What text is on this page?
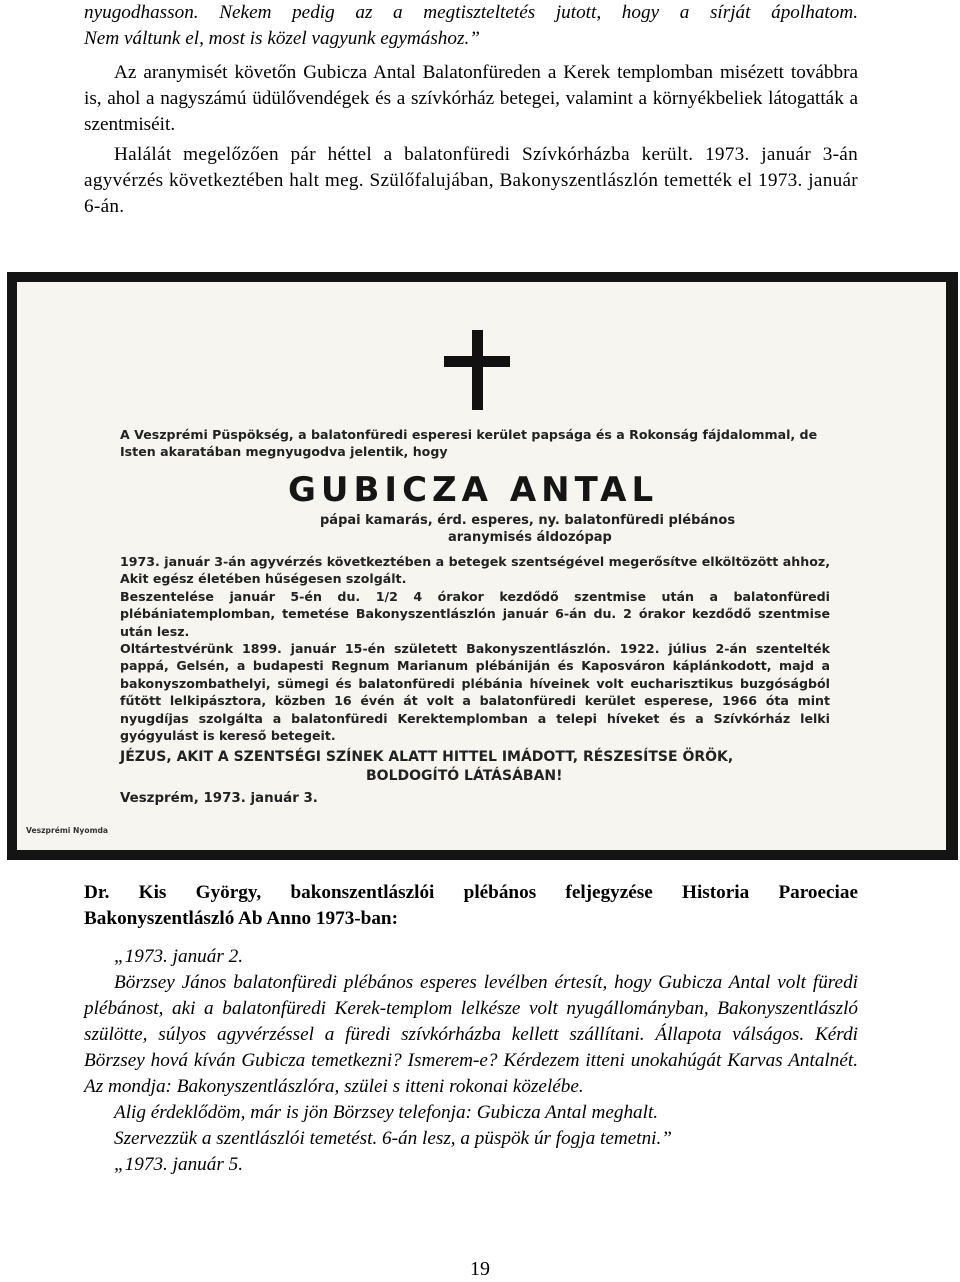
nyugodhasson. Nekem pedig az a megtiszteltetés jutott, hogy a sírját ápolhatom.

Nem váltunk el, most is közel vagyunk egymáshoz.”

Az aranymisét követőn Gubicza Antal Balatonfüreden a Kerek templomban misézett továbbra is, ahol a nagyszámú üdülővendégek és a szívkórház betegei, valamint a környékbeliek látogatták a szentmiséit.

Halálát megelőzően pár héttel a balatonfüredi Szívkórházba került. 1973. január 3-án agyvérzés következtében halt meg. Szülőfalujában, Bakonyszentlászlón temették el 1973. január 6-án.

A Veszprémi Püspökség, a balatonfüredi esperesi kerület papsága és a Rokonság fájdalommal, de Isten akaratában megnyugodva jelentik, hogy
GUBICZA ANTAL
pápai kamarás, érd. esperes, ny. balatonfüredi plébános
aranymisés áldozópap

1973. január 3-án agyvérzés következtében a betegek szentségével megerősítve elköltözött ahhoz, Akit egész életében hűségesen szolgált.

Beszentelése január 5-én du. 1/2 4 órakor kezdődő szentmise után a balatonfüredi plébániatemplomban, temetése Bakonyszentlászlón január 6-án du. 2 órakor kezdődő szentmise után lesz.

Oltártestvérünk 1899. január 15-én született Bakonyszentlászlón. 1922. július 2-án szentelték pappá, Gelsén, a budapesti Regnum Marianum plébániján és Kaposváron káplánkodott, majd a bakonyszombathelyi, sümegi és balatonfüredi plébánia híveinek volt eucharisztikus buzgóságból fűtött lelkipásztora, közben 16 évén át volt a balatonfüredi kerület esperese, 1966 óta mint nyugdíjas szolgálta a balatonfüredi Kerektemplomban a telepi híveket és a Szívkórház lelki gyógyulást is kereső betegeit.

JÉZUS, AKIT A SZENTSÉGI SZÍNEK ALATT HITTEL IMÁDOTT, RÉSZESÍTSE ÖRÖK,
BOLDOGÍTÓ LÁTÁSÁBAN!
Veszprém, 1973. január 3.
Veszprémi Nyomda
Dr. Kis György, bakonszentlászlói plébános feljegyzése Historia Paroeciae
Bakonyszentlászló Ab Anno 1973-ban:

„1973. január 2.

Börzsey János balatonfüredi plébános esperes levélben értesít, hogy Gubicza Antal volt füredi plébánost, aki a balatonfüredi Kerek-templom lelkésze volt nyugállományban, Bakonyszentlászló szülötte, súlyos agyvérzéssel a füredi szívkórházba kellett szállítani. Állapota válságos. Kérdi Börzsey hová kíván Gubicza temetkezni? Ismerem-e? Kérdezem itteni unokahúgát Karvas Antalnét. Az mondja: Bakonyszentlászlóra, szülei s itteni rokonai közelébe.

Alig érdeklődöm, már is jön Börzsey telefonja: Gubicza Antal meghalt.

Szervezzük a szentlászlói temetést. 6-án lesz, a püspök úr fogja temetni.”

„1973. január 5.

19
